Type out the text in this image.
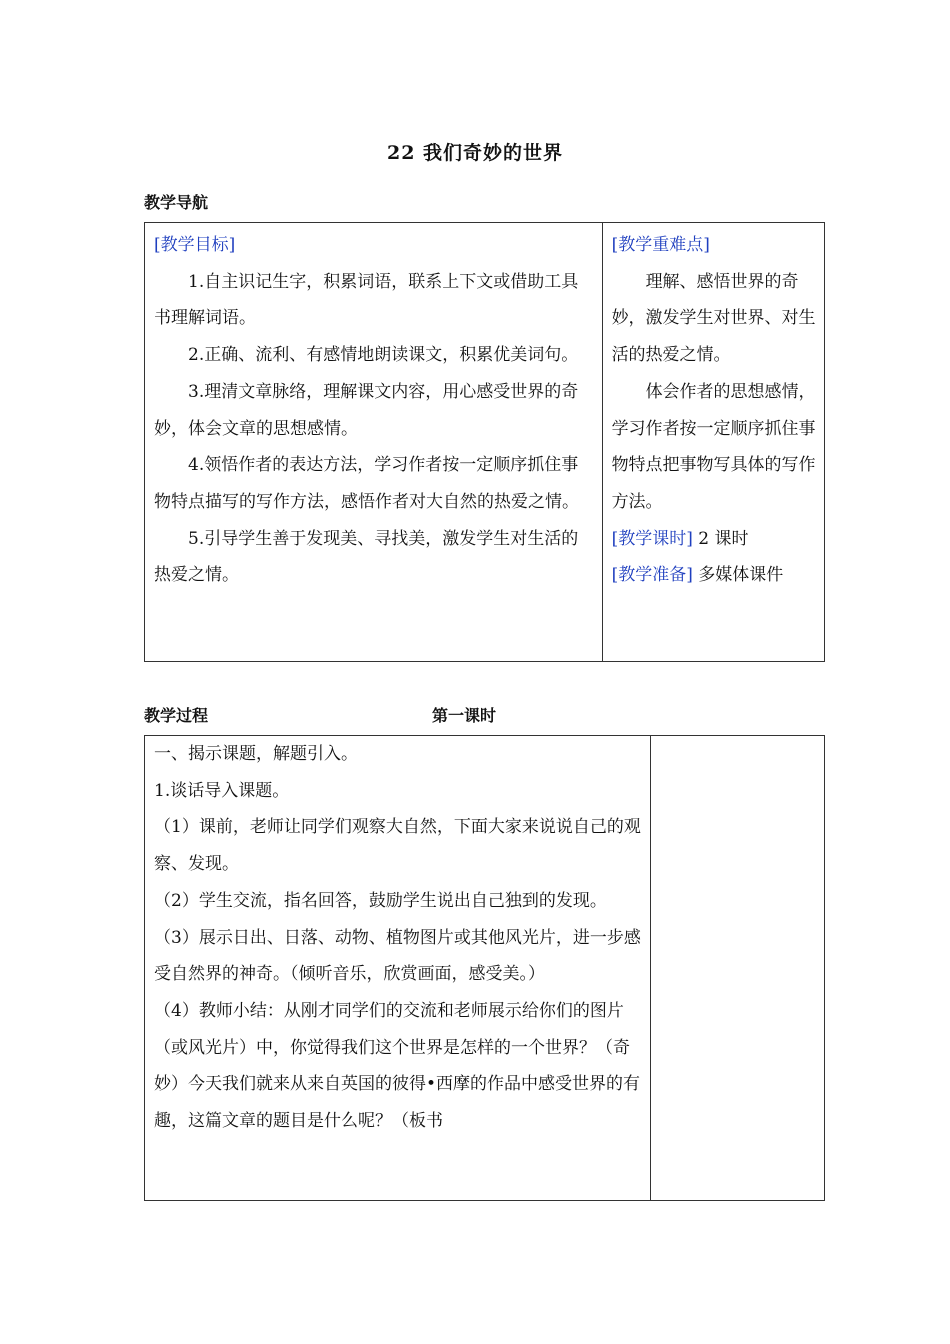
22 我们奇妙的世界
教学导航

[教学目标]

1.自主识记生字，积累词语，联系上下文或借助工具书理解词语。

2.正确、流利、有感情地朗读课文，积累优美词句。

3.理清文章脉络，理解课文内容，用心感受世界的奇妙，体会文章的思想感情。

4.领悟作者的表达方法，学习作者按一定顺序抓住事物特点描写的写作方法，感悟作者对大自然的热爱之情。

5.引导学生善于发现美、寻找美，激发学生对生活的热爱之情。

[教学重难点]

理解、感悟世界的奇妙，激发学生对世界、对生活的热爱之情。

体会作者的思想感情，学习作者按一定顺序抓住事物特点把事物写具体的写作方法。

[教学课时] 2 课时

[教学准备] 多媒体课件

教学过程	第一课时

一、揭示课题，解题引入。

1.谈话导入课题。

（1）课前，老师让同学们观察大自然，下面大家来说说自己的观察、发现。

（2）学生交流，指名回答，鼓励学生说出自己独到的发现。

（3）展示日出、日落、动物、植物图片或其他风光片，进一步感受自然界的神奇。（倾听音乐，欣赏画面，感受美。）

（4）教师小结：从刚才同学们的交流和老师展示给你们的图片（或风光片）中，你觉得我们这个世界是怎样的一个世界？（奇妙）今天我们就来从来自英国的彼得•西摩的作品中感受世界的有趣，这篇文章的题目是什么呢？（板书
